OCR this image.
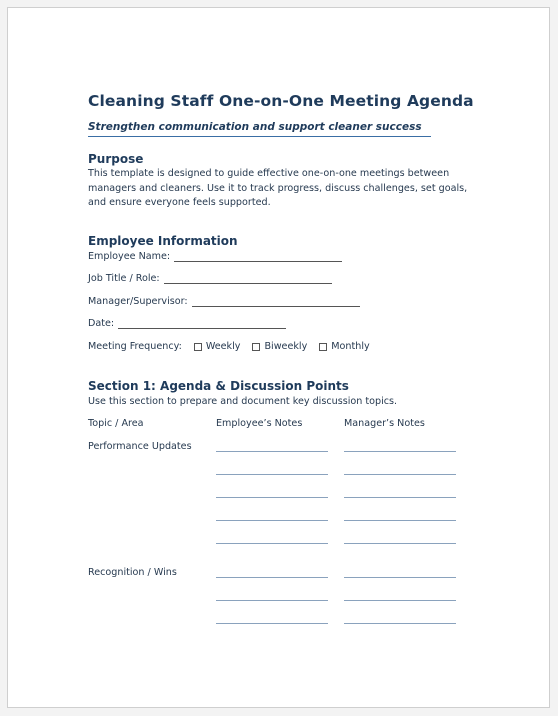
Cleaning Staff One-on-One Meeting Agenda
Strengthen communication and support cleaner success
Purpose
This template is designed to guide effective one-on-one meetings between managers and cleaners. Use it to track progress, discuss challenges, set goals, and ensure everyone feels supported.
Employee Information
Employee Name:
Job Title / Role:
Manager/Supervisor:
Date:
Meeting Frequency:	Weekly	Biweekly	Monthly
Section 1: Agenda & Discussion Points
Use this section to prepare and document key discussion topics.
Topic / Area	Employee’s Notes	Manager’s Notes
Performance Updates
Recognition / Wins
